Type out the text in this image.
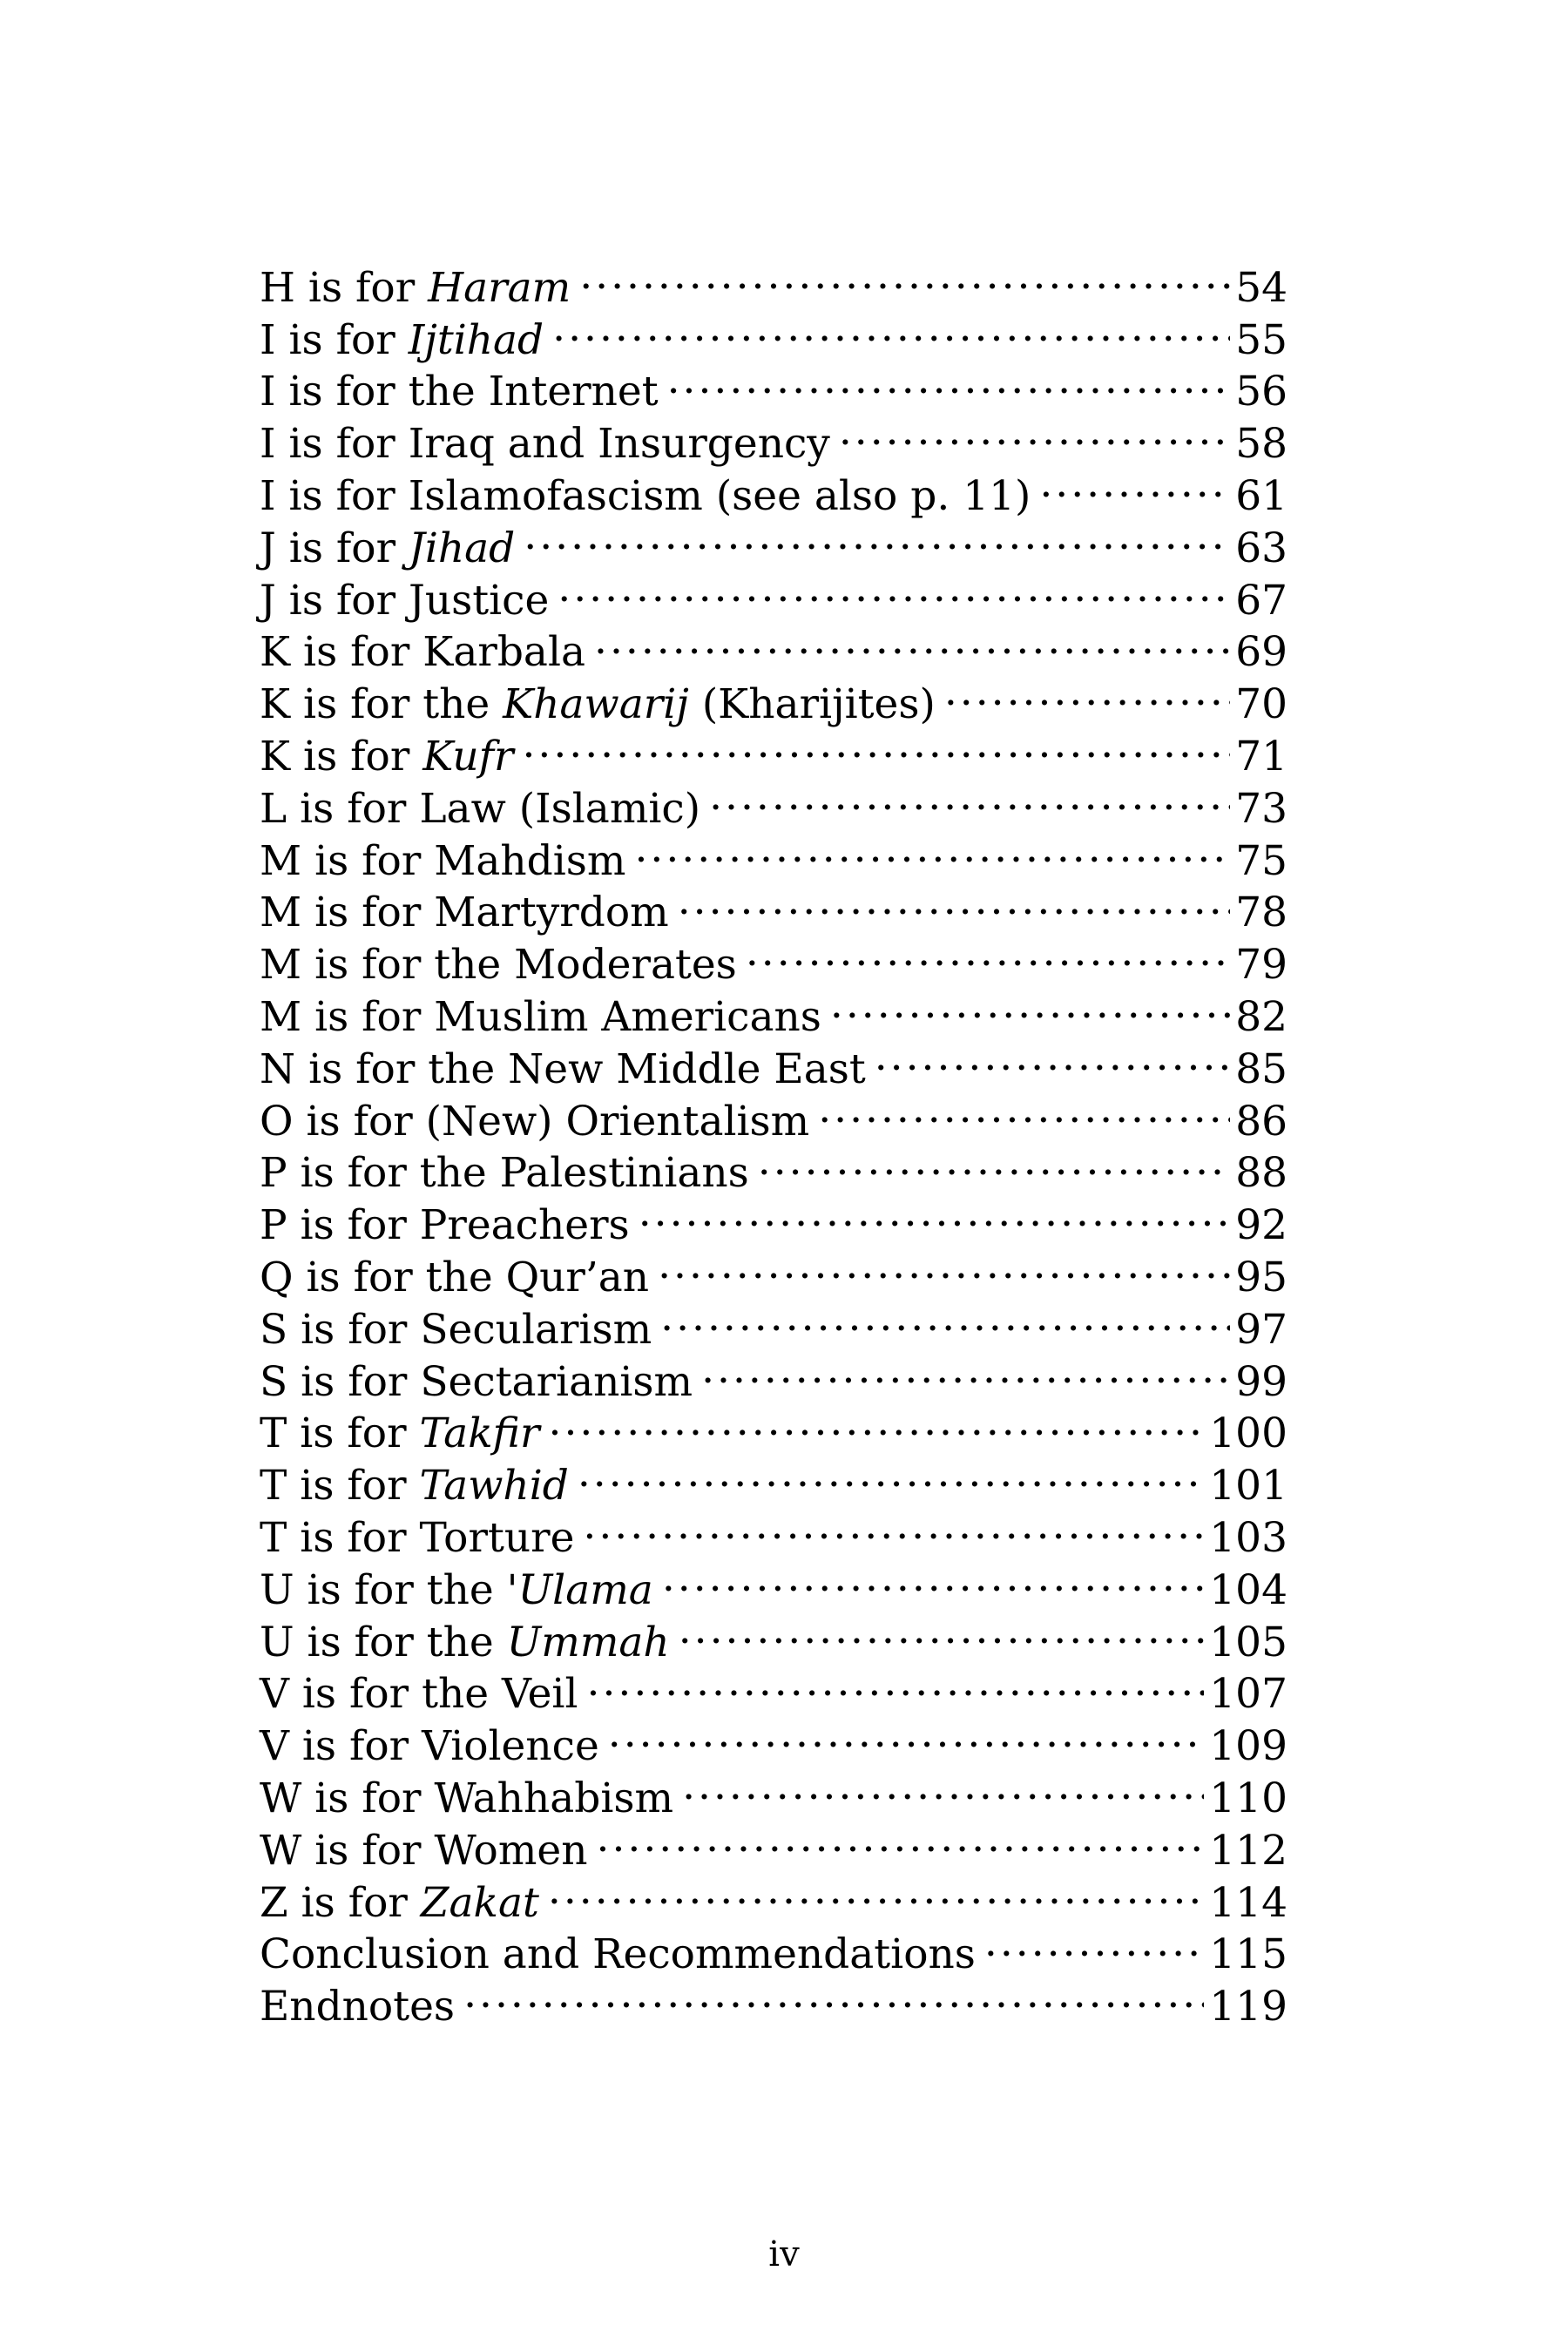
H is for Haram .....	54
I is for Ijtihad .....	55
I is for the Internet .....	56
I is for Iraq and Insurgency .....	58
I is for Islamofascism (see also p. 11) .....	61
J is for Jihad .....	63
J is for Justice .....	67
K is for Karbala .....	69
K is for the Khawarij (Kharijites) .....	70
K is for Kufr .....	71
L is for Law (Islamic) .....	73
M is for Mahdism .....	75
M is for Martyrdom .....	78
M is for the Moderates .....	79
M is for Muslim Americans .....	82
N is for the New Middle East .....	85
O is for (New) Orientalism .....	86
P is for the Palestinians .....	88
P is for Preachers .....	92
Q is for the Qur’an .....	95
S is for Secularism .....	97
S is for Sectarianism .....	99
T is for Takfir .....	100
T is for Tawhid .....	101
T is for Torture .....	103
U is for the 'Ulama .....	104
U is for the Ummah .....	105
V is for the Veil .....	107
V is for Violence .....	109
W is for Wahhabism .....	110
W is for Women .....	112
Z is for Zakat .....	114
Conclusion and Recommendations .....	115
Endnotes .....	119
iv
